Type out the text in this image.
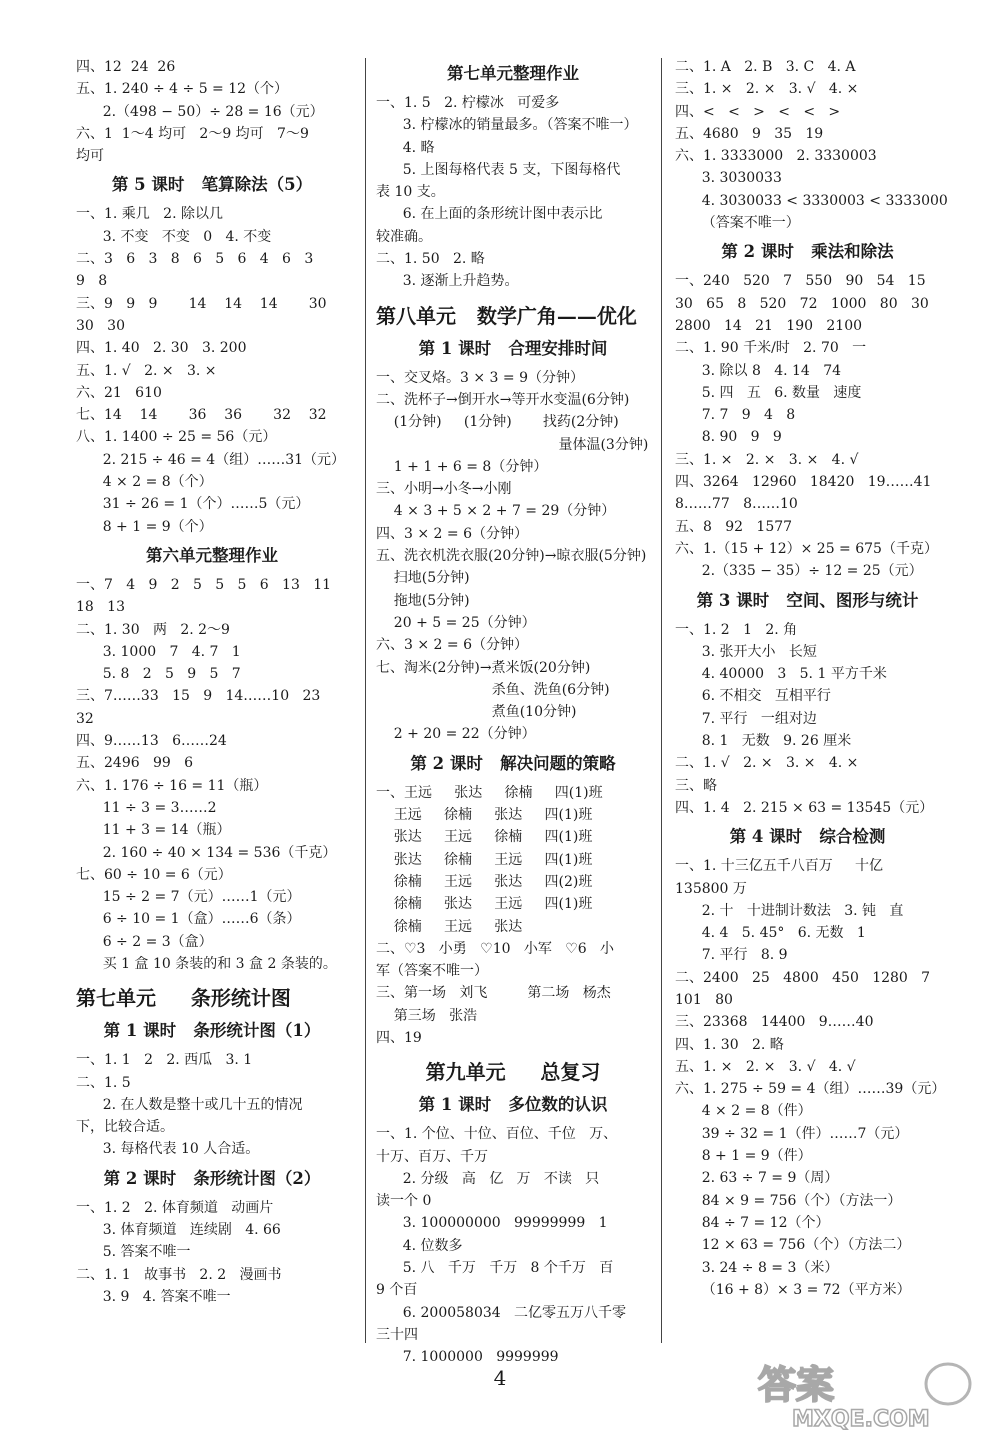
四、12  24  26
五、1. 240 ÷ 4 ÷ 5 = 12（个）
2.（498 − 50）÷ 28 = 16（元）
六、1  1～4 均可   2～9 均可   7～9
均可
第 5 课时   笔算除法（5）
一、1. 乘几   2. 除以几
3. 不变   不变   0   4. 不变
二、3   6   3   8   6   5   6   4   6   3
9   8
三、9   9   9       14    14    14       30
30   30
四、1. 40   2. 30   3. 200
五、1. √   2. ×   3. ×
六、21   610
七、14    14       36    36       32    32
八、1. 1400 ÷ 25 = 56（元）
2. 215 ÷ 46 = 4（组）……31（元）
4 × 2 = 8（个）
31 ÷ 26 = 1（个）……5（元）
8 + 1 = 9（个）
第六单元整理作业
一、7   4   9   2   5   5   5   6   13   11
18   13
二、1. 30   两   2. 2～9
3. 1000   7   4. 7   1
5. 8   2   5   9   5   7
三、7……33   15   9   14……10   23
32
四、9……13   6……24
五、2496   99   6
六、1. 176 ÷ 16 = 11（瓶）
11 ÷ 3 = 3……2
11 + 3 = 14（瓶）
2. 160 ÷ 40 × 134 = 536（千克）
七、60 ÷ 10 = 6（元）
15 ÷ 2 = 7（元）……1（元）
6 ÷ 10 = 1（盒）……6（条）
6 ÷ 2 = 3（盒）
买 1 盒 10 条装的和 3 盒 2 条装的。
第七单元     条形统计图
第 1 课时   条形统计图（1）
一、1. 1   2   2. 西瓜   3. 1
二、1. 5
2. 在人数是整十或几十五的情况
下，比较合适。
3. 每格代表 10 人合适。
第 2 课时   条形统计图（2）
一、1. 2   2. 体育频道   动画片
3. 体育频道   连续剧   4. 66
5. 答案不唯一
二、1. 1   故事书   2. 2   漫画书
3. 9   4. 答案不唯一
第七单元整理作业
一、1. 5   2. 柠檬冰   可爱多
3. 柠檬冰的销量最多。（答案不唯一）
4. 略
5. 上图每格代表 5 支，下图每格代
表 10 支。
6. 在上面的条形统计图中表示比
较准确。
二、1. 50   2. 略
3. 逐渐上升趋势。
第八单元   数学广角——优化
第 1 课时   合理安排时间
一、交叉烙。3 × 3 = 9（分钟）
二、洗杯子→倒开水→等开水变温(6分钟)
(1分钟)     (1分钟)       找药(2分钟)
量体温(3分钟)
1 + 1 + 6 = 8（分钟）
三、小明→小冬→小刚
4 × 3 + 5 × 2 + 7 = 29（分钟）
四、3 × 2 = 6（分钟）
五、洗衣机洗衣服(20分钟)→晾衣服(5分钟)
扫地(5分钟)
拖地(5分钟)
20 + 5 = 25（分钟）
六、3 × 2 = 6（分钟）
七、淘米(2分钟)→煮米饭(20分钟)
杀鱼、洗鱼(6分钟)
煮鱼(10分钟)
2 + 20 = 22（分钟）
第 2 课时   解决问题的策略
一、王远     张达     徐楠     四(1)班
王远     徐楠     张达     四(1)班
张达     王远     徐楠     四(1)班
张达     徐楠     王远     四(1)班
徐楠     王远     张达     四(2)班
徐楠     张达     王远     四(1)班
徐楠     王远     张达
二、♡3   小勇   ♡10   小军   ♡6   小
军（答案不唯一）
三、第一场   刘飞         第二场   杨杰
第三场   张浩
四、19
第九单元     总复习
第 1 课时   多位数的认识
一、1. 个位、十位、百位、千位   万、
十万、百万、千万
2. 分级   高   亿   万   不读   只
读一个 0
3. 100000000   99999999   1
4. 位数多
5. 八   千万   千万   8 个千万   百
9 个百
6. 200058034   二亿零五万八千零
三十四
7. 1000000   9999999
二、1. A   2. B   3. C   4. A
三、1. ×   2. ×   3. √   4. ×
四、<   <   >   <   <   >
五、4680   9   35   19
六、1. 3333000   2. 3330003
3. 3030033
4. 3030033 < 3330003 < 3333000
（答案不唯一）
第 2 课时   乘法和除法
一、240   520   7   550   90   54   15
30   65   8   520   72   1000   80   30
2800   14   21   190   2100
二、1. 90 千米/时   2. 70   一
3. 除以 8   4. 14   74
5. 四   五   6. 数量   速度
7. 7   9   4   8
8. 90   9   9
三、1. ×   2. ×   3. ×   4. √
四、3264   12960   18420   19……41
8……77   8……10
五、8   92   1577
六、1.（15 + 12）× 25 = 675（千克）
2.（335 − 35）÷ 12 = 25（元）
第 3 课时   空间、图形与统计
一、1. 2   1   2. 角
3. 张开大小   长短
4. 40000   3   5. 1 平方千米
6. 不相交   互相平行
7. 平行   一组对边
8. 1   无数   9. 26 厘米
二、1. √   2. ×   3. ×   4. ×
三、略
四、1. 4   2. 215 × 63 = 13545（元）
第 4 课时   综合检测
一、1. 十三亿五千八百万     十亿
135800 万
2. 十   十进制计数法   3. 钝   直
4. 4   5. 45°   6. 无数   1
7. 平行   8. 9
二、2400   25   4800   450   1280   7
101   80
三、23368   14400   9……40
四、1. 30   2. 略
五、1. ×   2. ×   3. √   4. √
六、1. 275 ÷ 59 = 4（组）……39（元）
4 × 2 = 8（件）
39 ÷ 32 = 1（件）……7（元）
8 + 1 = 9（件）
2. 63 ÷ 7 = 9（周）
84 × 9 = 756（个）（方法一）
84 ÷ 7 = 12（个）
12 × 63 = 756（个）（方法二）
3. 24 ÷ 8 = 3（米）
（16 + 8）× 3 = 72（平方米）
4	答案
MXQE.COM
